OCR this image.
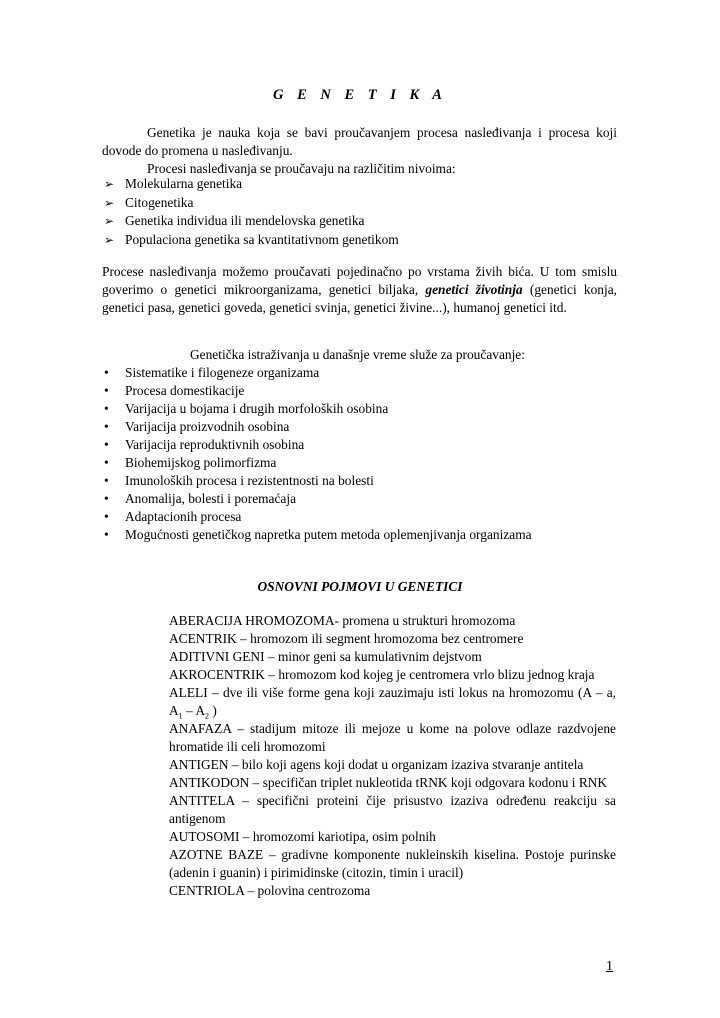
G E N E T I K A
Genetika je nauka koja se bavi proučavanjem procesa nasleđivanja i procesa koji dovode do promena u nasleđivanju.
Procesi nasleđivanja se proučavaju na različitim nivoima:
➢ Molekularna genetika
➢ Citogenetika
➢ Genetika individua ili mendelovska genetika
➢ Populaciona genetika sa kvantitativnom genetikom
Procese nasleđivanja možemo proučavati pojedinačno po vrstama živih bića. U tom smislu goverimo o genetici mikroorganizama, genetici biljaka, genetici životinja (genetici konja, genetici pasa, genetici goveda, genetici svinja, genetici živine...), humanoj genetici itd.
Genetička istraživanja u današnje vreme služe za proučavanje:
• Sistematike i filogeneze organizama
• Procesa domestikacije
• Varijacija u bojama i drugih morfoloških osobina
• Varijacija proizvodnih osobina
• Varijacija reproduktivnih osobina
• Biohemijskog polimorfizma
• Imunoloških procesa i rezistentnosti na bolesti
• Anomalija, bolesti i poremaćaja
• Adaptacionih procesa
• Mogućnosti genetičkog napretka putem metoda oplemenjivanja organizama
OSNOVNI POJMOVI U GENETICI
ABERACIJA HROMOZOMA- promena u strukturi hromozoma
ACENTRIK – hromozom ili segment hromozoma bez centromere
ADITIVNI GENI – minor geni sa kumulativnim dejstvom
AKROCENTRIK – hromozom kod kojeg je centromera vrlo blizu jednog kraja
ALELI – dve ili više forme gena koji zauzimaju isti lokus na hromozomu (A – a, $A_1 - A_2$ )
ANAFAZA – stadijum mitoze ili mejoze u kome na polove odlaze razdvojene hromatide ili celi hromozomi
ANTIGEN – bilo koji agens koji dodat u organizam izaziva stvaranje antitela
ANTIKODON – specifičan triplet nukleotida tRNK koji odgovara kodonu i RNK
ANTITELA – specifični proteini čije prisustvo izaziva određenu reakciju sa antigenom
AUTOSOMI – hromozomi kariotipa, osim polnih
AZOTNE BAZE – gradivne komponente nukleinskih kiselina. Postoje purinske (adenin i guanin) i pirimidinske (citozin, timin i uracil)
CENTRIOLA – polovina centrozoma
1
